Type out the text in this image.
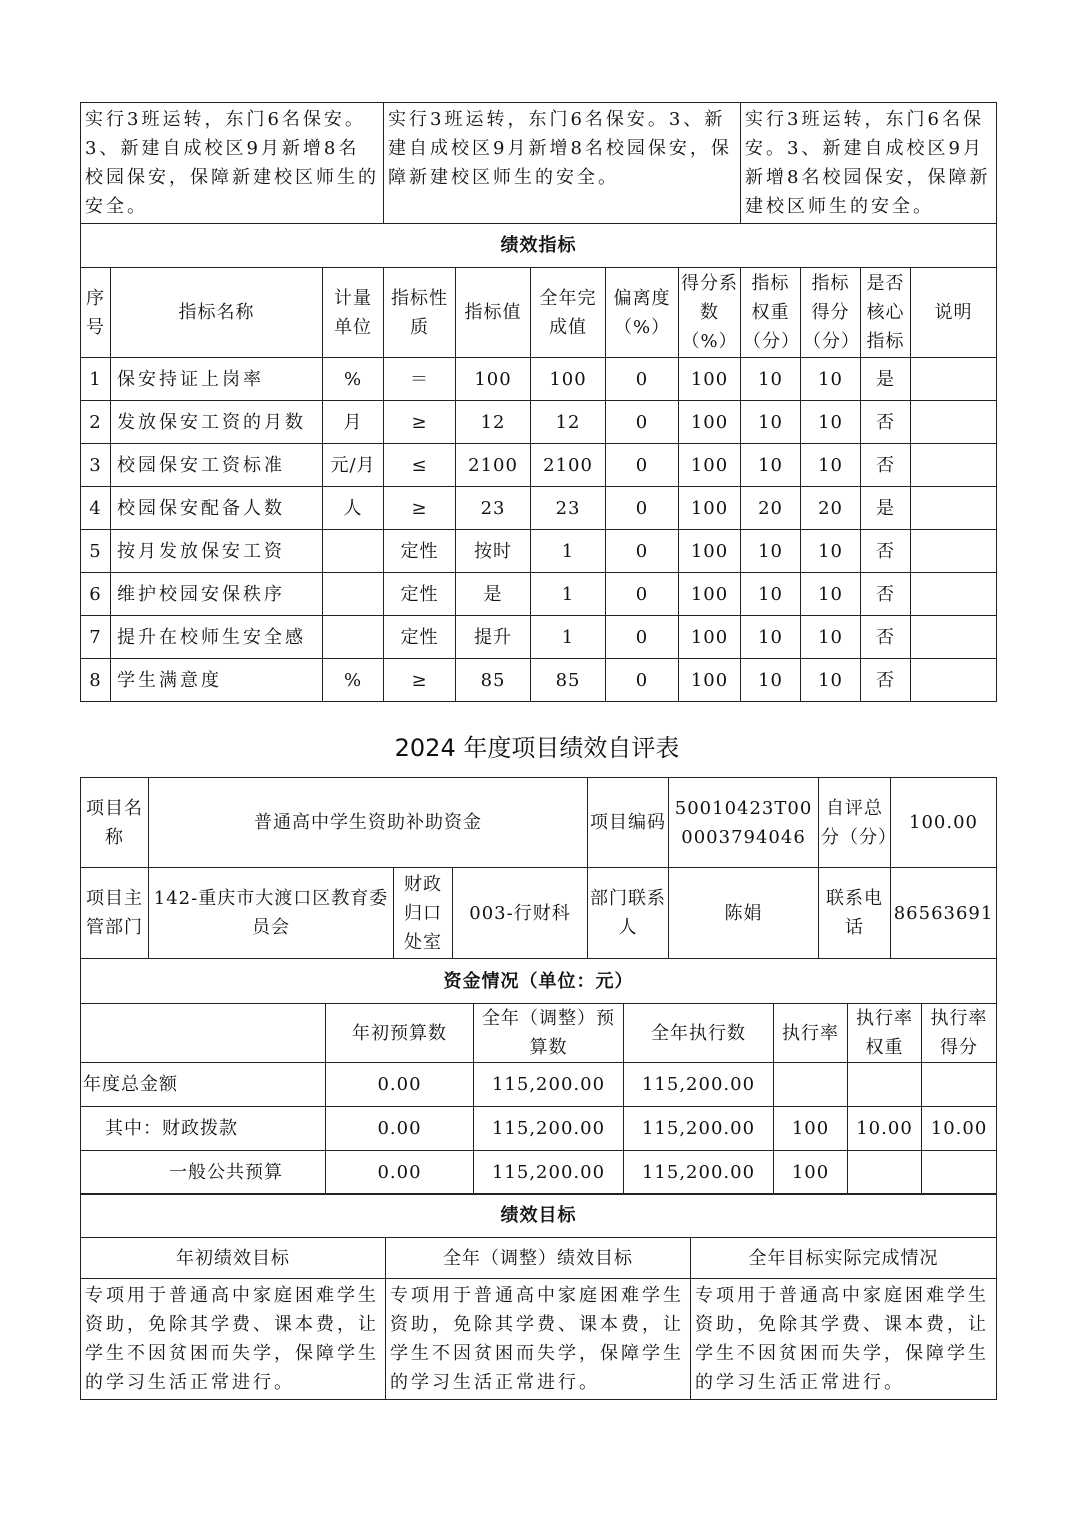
实行3班运转，东门6名保安。3、新建自成校区9月新增8名校园保安，保障新建校区师生的安全。			实行3班运转，东门6名保安。3、新建自成校区9月新增8名校园保安，保障新建校区师生的安全。					实行3班运转，东门6名保安。3、新建自成校区9月新增8名校园保安，保障新建校区师生的安全。			
绩效指标											
序号	指标名称	计量单位	指标性质	指标值	全年完成值	偏离度（%）	得分系数（%）	指标权重（分）	指标得分（分）	是否核心指标	说明
1	保安持证上岗率	%	＝	100	100	0	100	10	10	是	
2	发放保安工资的月数	月	≥	12	12	0	100	10	10	否	
3	校园保安工资标准	元/月	≤	2100	2100	0	100	10	10	否	
4	校园保安配备人数	人	≥	23	23	0	100	20	20	是	
5	按月发放保安工资		定性	按时	1	0	100	10	10	否	
6	维护校园安保秩序		定性	是	1	0	100	10	10	否	
7	提升在校师生安全感		定性	提升	1	0	100	10	10	否	
8	学生满意度	%	≥	85	85	0	100	10	10	否	
2024 年度项目绩效自评表
项目名称	普通高中学生资助补助资金			项目编码	50010423T000003794046	自评总分（分）	100.00
项目主管部门	142-重庆市大渡口区教育委员会	财政归口处室	003-行财科	部门联系人	陈娟	联系电话	86563691
资金情况（单位：元）						
	年初预算数	全年（调整）预算数	全年执行数	执行率	执行率权重	执行率得分
年度总金额	0.00	115,200.00	115,200.00			
其中：财政拨款	0.00	115,200.00	115,200.00	100	10.00	10.00
一般公共预算	0.00	115,200.00	115,200.00	100		
绩效目标		
年初绩效目标	全年（调整）绩效目标	全年目标实际完成情况
专项用于普通高中家庭困难学生资助，免除其学费、课本费，让学生不因贫困而失学，保障学生的学习生活正常进行。	专项用于普通高中家庭困难学生资助，免除其学费、课本费，让学生不因贫困而失学，保障学生的学习生活正常进行。	专项用于普通高中家庭困难学生资助，免除其学费、课本费，让学生不因贫困而失学，保障学生的学习生活正常进行。
